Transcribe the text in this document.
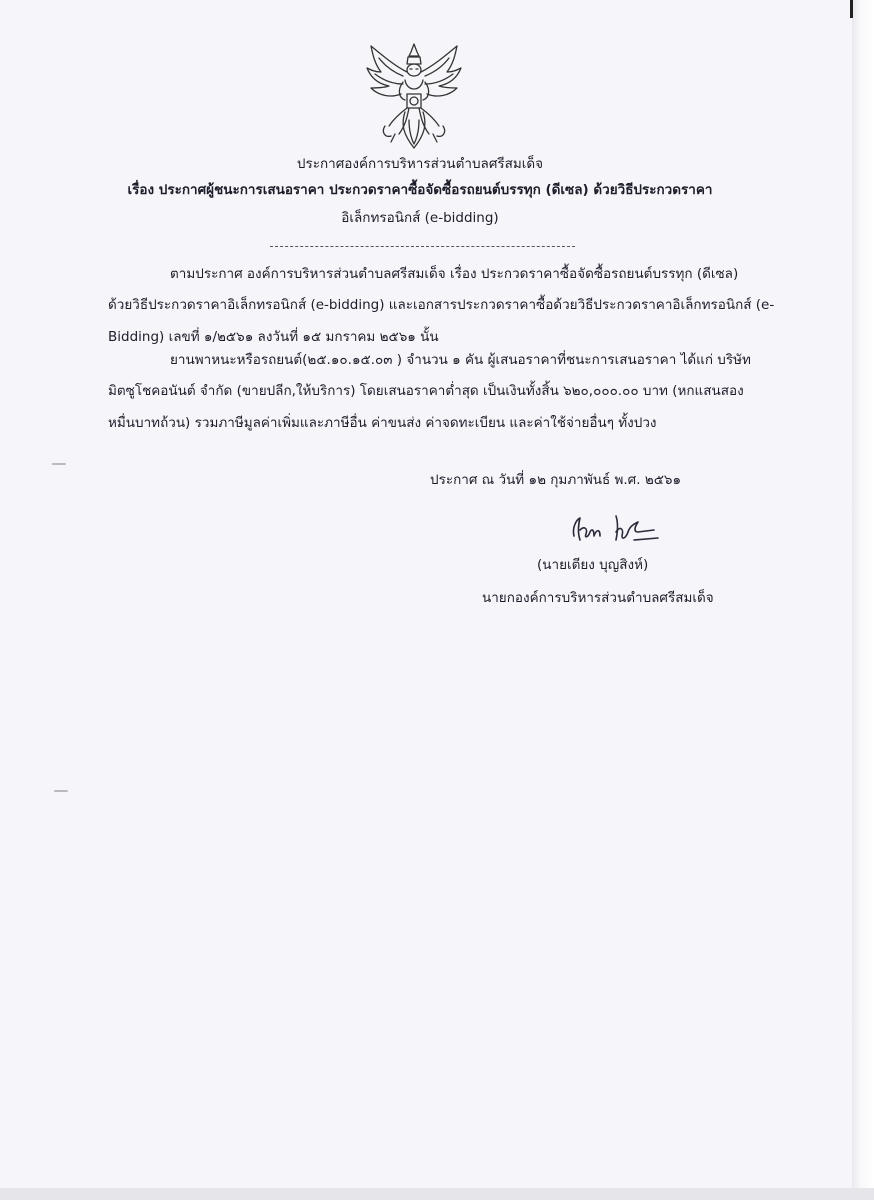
ประกาศองค์การบริหารส่วนตำบลศรีสมเด็จ
เรื่อง ประกาศผู้ชนะการเสนอราคา ประกวดราคาซื้อจัดซื้อรถยนต์บรรทุก (ดีเซล) ด้วยวิธีประกวดราคา
อิเล็กทรอนิกส์ (e-bidding)
ตามประกาศ องค์การบริหารส่วนตำบลศรีสมเด็จ เรื่อง ประกวดราคาซื้อจัดซื้อรถยนต์บรรทุก (ดีเซล)
ด้วยวิธีประกวดราคาอิเล็กทรอนิกส์ (e-bidding) และเอกสารประกวดราคาซื้อด้วยวิธีประกวดราคาอิเล็กทรอนิกส์ (e-
Bidding) เลขที่ ๑/๒๕๖๑ ลงวันที่ ๑๕ มกราคม ๒๕๖๑ นั้น
ยานพาหนะหรือรถยนต์(๒๕.๑๐.๑๕.๐๓ ) จำนวน ๑ คัน ผู้เสนอราคาที่ชนะการเสนอราคา ได้แก่ บริษัท
มิตซูโชคอนันต์ จำกัด (ขายปลีก,ให้บริการ) โดยเสนอราคาต่ำสุด เป็นเงินทั้งสิ้น ๖๒๐,๐๐๐.๐๐ บาท (หกแสนสอง
หมื่นบาทถ้วน) รวมภาษีมูลค่าเพิ่มและภาษีอื่น ค่าขนส่ง ค่าจดทะเบียน และค่าใช้จ่ายอื่นๆ ทั้งปวง
ประกาศ ณ วันที่ ๑๒ กุมภาพันธ์ พ.ศ. ๒๕๖๑
(นายเตียง บุญสิงห์)
นายกองค์การบริหารส่วนตำบลศรีสมเด็จ
